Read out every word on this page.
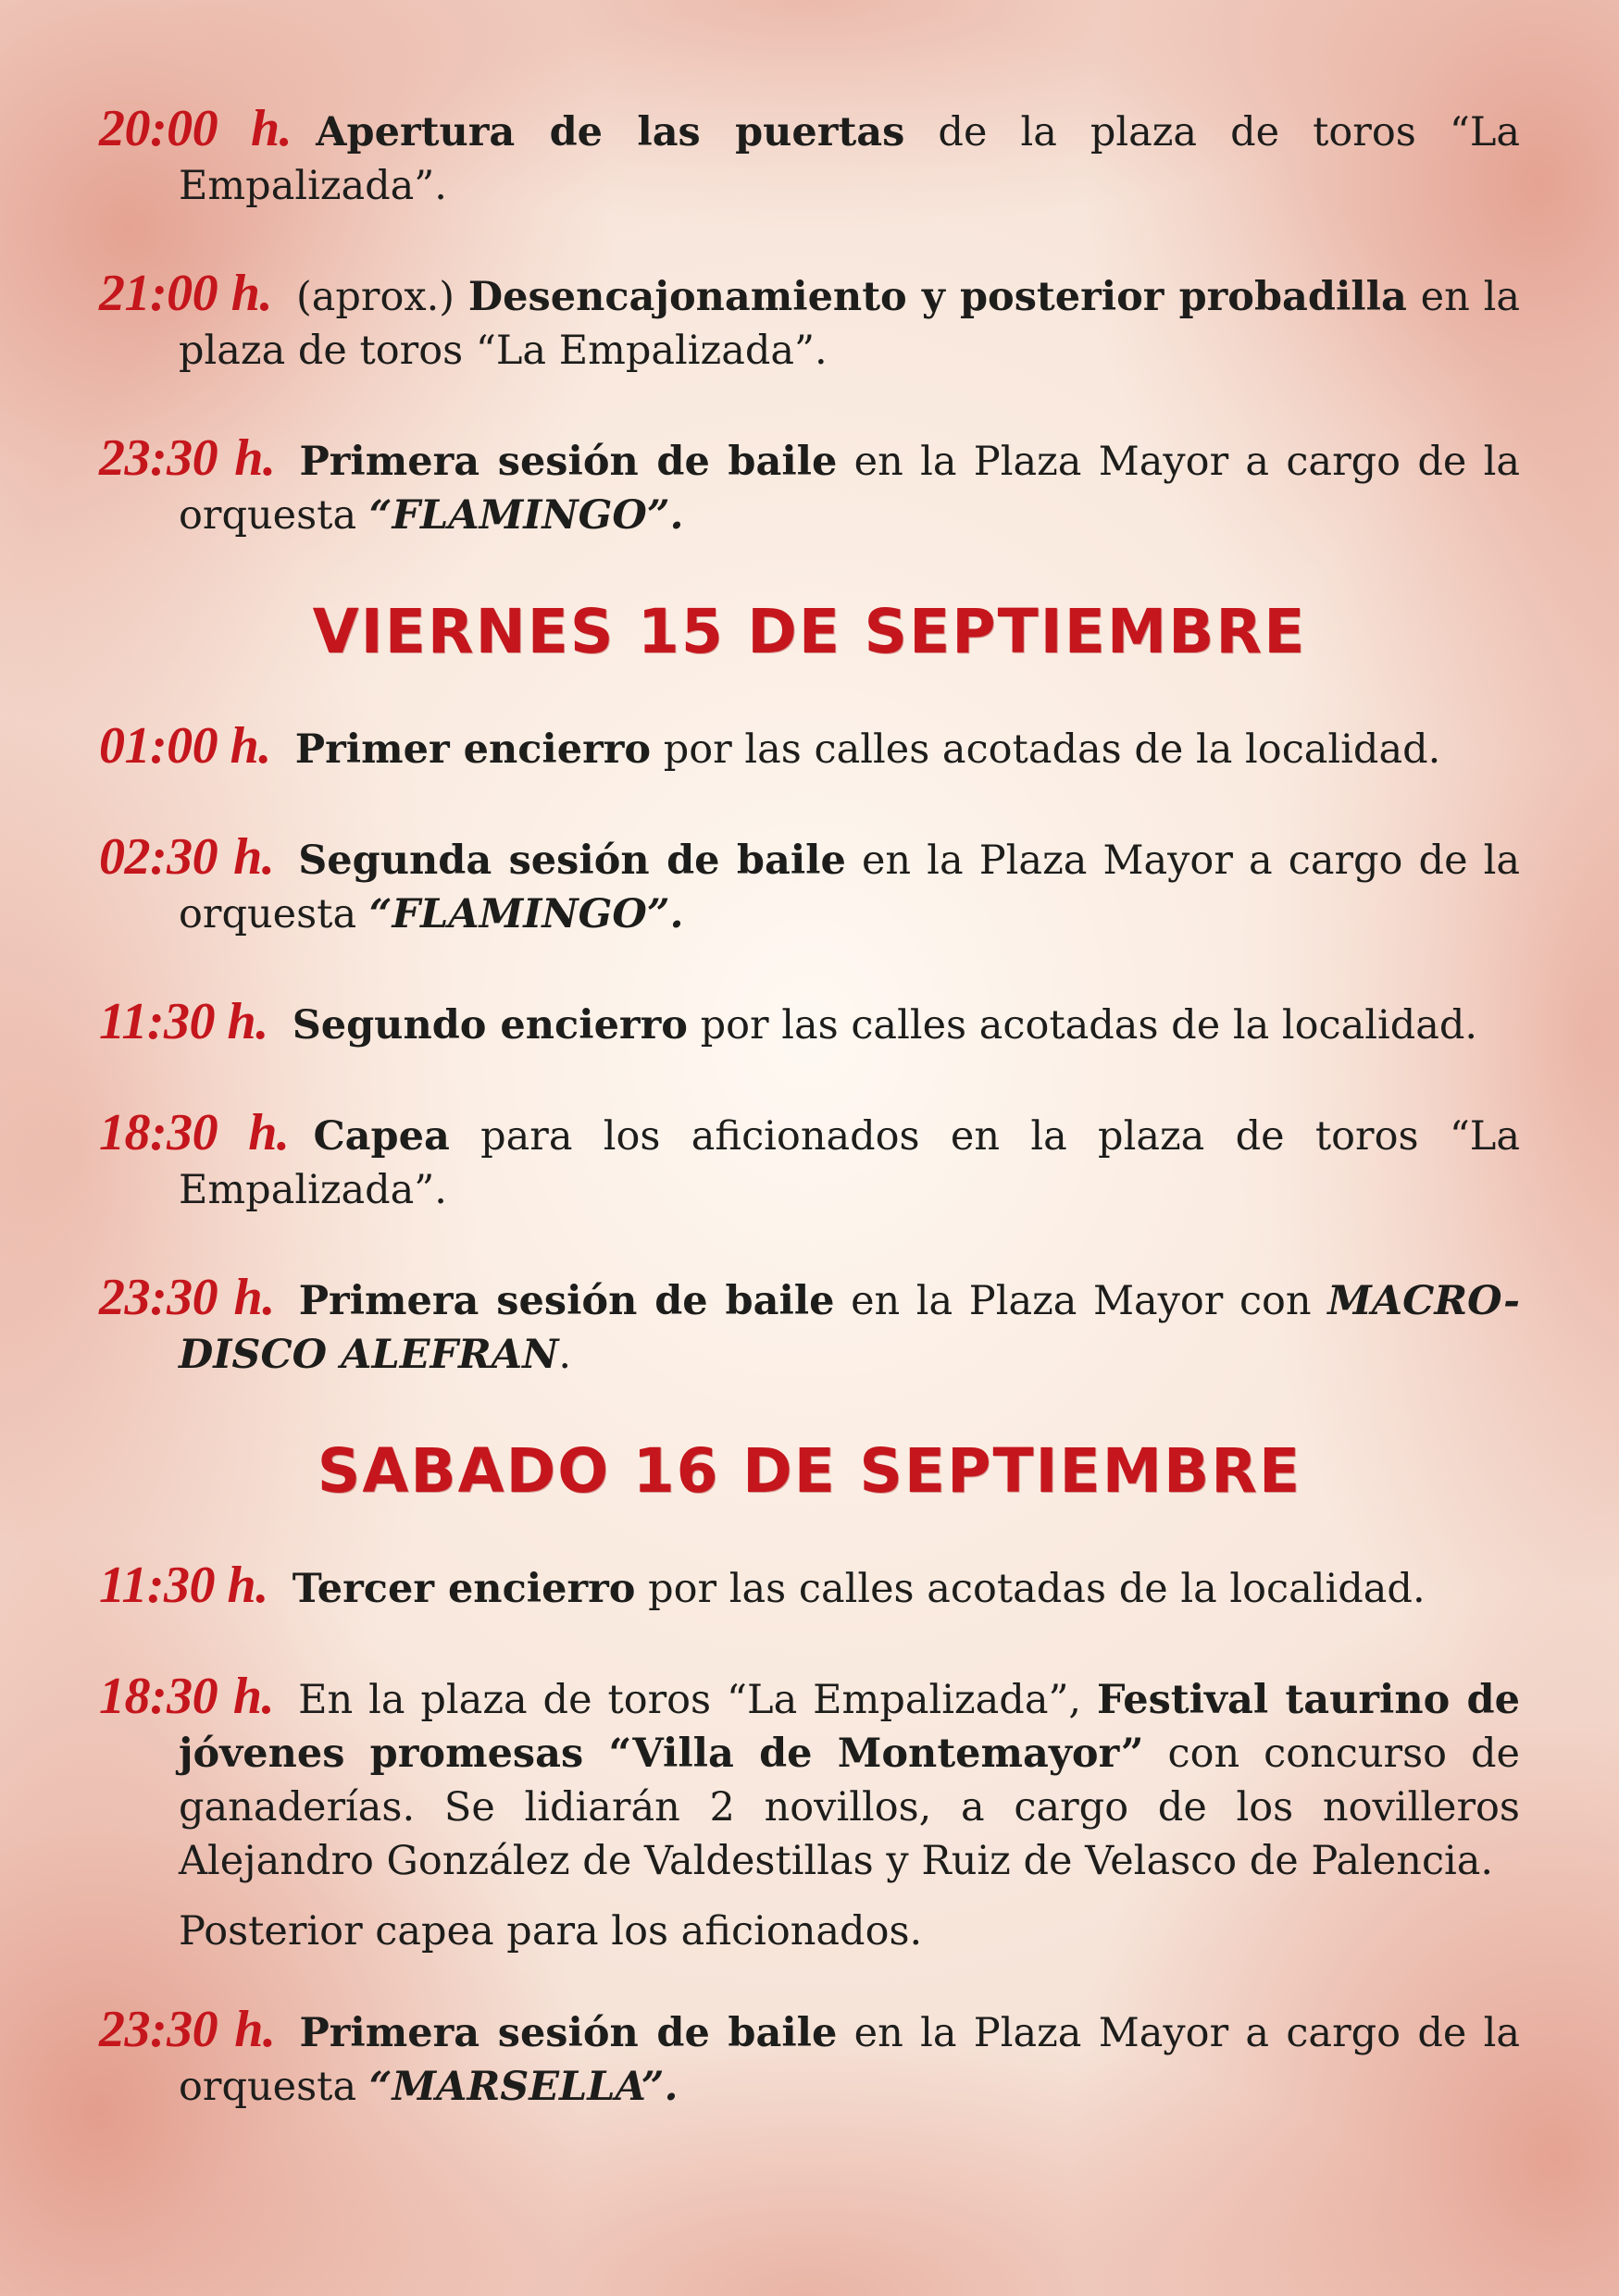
20:00 h. Apertura de las puertas de la plaza de toros “La Empalizada”.

21:00 h. (aprox.) Desencajonamiento y posterior probadilla en la plaza de toros “La Empalizada”.

23:30 h. Primera sesión de baile en la Plaza Mayor a cargo de la orquesta “FLAMINGO”.

VIERNES 15 DE SEPTIEMBRE

01:00 h. Primer encierro por las calles acotadas de la localidad.

02:30 h. Segunda sesión de baile en la Plaza Mayor a cargo de la orquesta “FLAMINGO”.

11:30 h. Segundo encierro por las calles acotadas de la localidad.

18:30 h. Capea para los aficionados en la plaza de toros “La Empalizada”.

23:30 h. Primera sesión de baile en la Plaza Mayor con MACRO-DISCO ALEFRAN.

SABADO 16 DE SEPTIEMBRE

11:30 h. Tercer encierro por las calles acotadas de la localidad.

18:30 h. En la plaza de toros “La Empalizada”, Festival taurino de jóvenes promesas “Villa de Montemayor” con concurso de ganaderías. Se lidiarán 2 novillos, a cargo de los novilleros Alejandro González de Valdestillas y Ruiz de Velasco de Palencia.

Posterior capea para los aficionados.

23:30 h. Primera sesión de baile en la Plaza Mayor a cargo de la orquesta “MARSELLA”.
